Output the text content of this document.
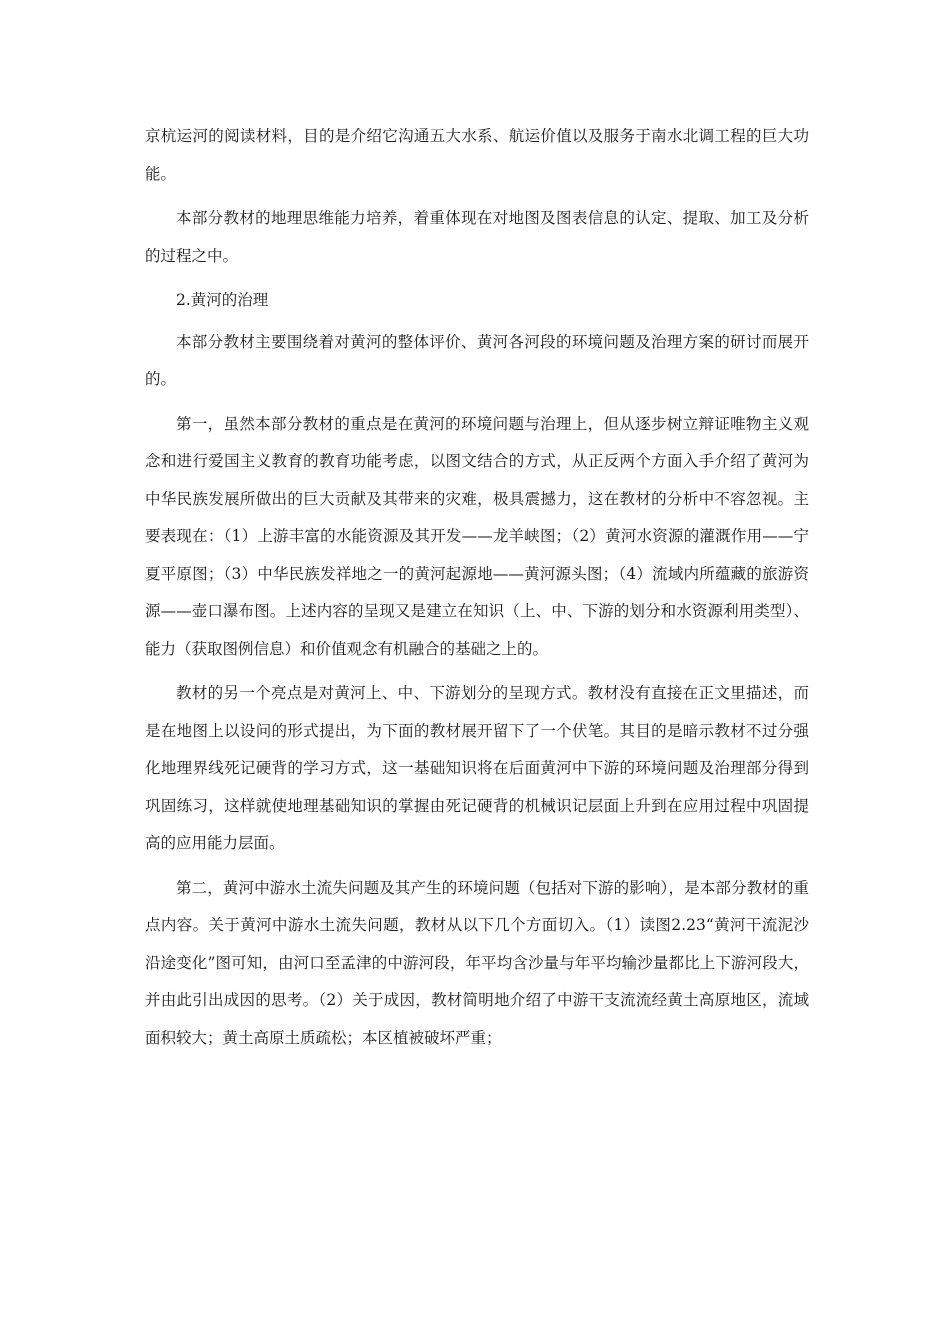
京杭运河的阅读材料，目的是介绍它沟通五大水系、航运价值以及服务于南水北调工程的巨大功能。

本部分教材的地理思维能力培养，着重体现在对地图及图表信息的认定、提取、加工及分析的过程之中。

2.黄河的治理

本部分教材主要围绕着对黄河的整体评价、黄河各河段的环境问题及治理方案的研讨而展开的。

第一，虽然本部分教材的重点是在黄河的环境问题与治理上，但从逐步树立辩证唯物主义观念和进行爱国主义教育的教育功能考虑，以图文结合的方式，从正反两个方面入手介绍了黄河为中华民族发展所做出的巨大贡献及其带来的灾难，极具震撼力，这在教材的分析中不容忽视。主要表现在：（1）上游丰富的水能资源及其开发——龙羊峡图；（2）黄河水资源的灌溉作用——宁夏平原图；（3）中华民族发祥地之一的黄河起源地——黄河源头图；（4）流域内所蕴藏的旅游资源——壶口瀑布图。上述内容的呈现又是建立在知识（上、中、下游的划分和水资源利用类型）、能力（获取图例信息）和价值观念有机融合的基础之上的。

教材的另一个亮点是对黄河上、中、下游划分的呈现方式。教材没有直接在正文里描述，而是在地图上以设问的形式提出，为下面的教材展开留下了一个伏笔。其目的是暗示教材不过分强化地理界线死记硬背的学习方式，这一基础知识将在后面黄河中下游的环境问题及治理部分得到巩固练习，这样就使地理基础知识的掌握由死记硬背的机械识记层面上升到在应用过程中巩固提高的应用能力层面。

第二，黄河中游水土流失问题及其产生的环境问题（包括对下游的影响），是本部分教材的重点内容。关于黄河中游水土流失问题，教材从以下几个方面切入。（1）读图2.23“黄河干流泥沙沿途变化”图可知，由河口至孟津的中游河段，年平均含沙量与年平均输沙量都比上下游河段大，并由此引出成因的思考。（2）关于成因，教材简明地介绍了中游干支流流经黄土高原地区，流域面积较大；黄土高原土质疏松；本区植被破坏严重；
